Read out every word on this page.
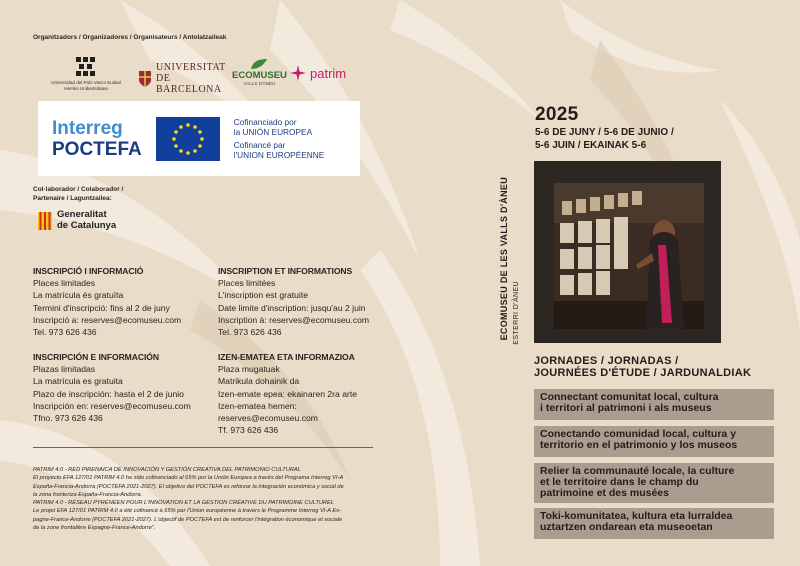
Organitzadors / Organizadores / Organisateurs / Antolatzaileak
Universidad del País Vasco Euskal Herriko Unibertsitatea
UNIVERSITAT DE BARCELONA
ECOMUSEU
VALLS D'ÀNEU
patrim
Interreg
POCTEFA
Cofinanciado por
la UNIÓN EUROPEA
Cofinancé par
l'UNION EUROPÉENNE
Col·laborador / Colaborador / Partenaire / Laguntzailea:
Generalitat
de Catalunya
INSCRIPCIÓ I INFORMACIÓ
Places limitades
La matrícula és gratuïta
Termini d'inscripció: fins al 2 de juny
Inscripció a: reserves@ecomuseu.com
Tel. 973 626 436
INSCRIPTION ET INFORMATIONS
Places limitées
L'inscription est gratuite
Date limite d'inscription: jusqu'au 2 juin
Inscription à: reserves@ecomuseu.com
Tel. 973 626 436
INSCRIPCIÓN E INFORMACIÓN
Plazas limitadas
La matrícula es gratuita
Plazo de inscripción: hasta el 2 de junio
Inscripción en: reserves@ecomuseu.com
Tfno. 973 626 436
IZEN-EMATEA ETA INFORMAZIOA
Plaza mugatuak
Matrikula dohainik da
Izen-emate epea: ekainaren 2ra arte
Izen-ematea hemen: reserves@ecomuseu.com
Tf. 973 626 436
PATRIM 4.0 - RED PIRENAICA DE INNOVACIÓN Y GESTIÓN CREATIVA DEL PATRIMONIO CULTURAL
El proyecto EFA 127/01 PATRIM 4.0 ha sido cofinanciado al 65% por la Unión Europea a través del Programa Interreg VI-A
España-Francia-Andorra (POCTEFA 2021-2027). El objetivo del POCTEFA es reforzar la integración económica y social de
la zona fronteriza España-Francia-Andorra.
PATRIM 4.0 - RÉSEAU PYRÉNÉEN POUR L'INNOVATION ET LA GESTION CRÉATIVE DU PATRIMOINE CULTUREL
Le projet EFA 127/01 PATRIM 4.0 a été cofinancé à 65% par l'Union européenne à travers le Programme Interreg VI-A Es-
pagne-France-Andorre (POCTEFA 2021-2027). L'objectif de POCTEFA est de renforcer l'intégration économique et sociale
de la zone frontalière Espagne-France-Andorre".
2025
5-6 DE JUNY / 5-6 DE JUNIO /
5-6 JUIN / EKAINAK 5-6
ECOMUSEU DE LES VALLS D'ÀNEU ESTERRI D'ÀNEU
JORNADES / JORNADAS /
JOURNÉES D'ÉTUDE / JARDUNALDIAK
Connectant comunitat local, cultura
i territori al patrimoni i als museus
Conectando comunidad local, cultura y
territorio en el patrimonio y los museos
Relier la communauté locale, la culture
et le territoire dans le champ du
patrimoine et des musées
Toki-komunitatea, kultura eta lurraldea
uztartzen ondarean eta museoetan
